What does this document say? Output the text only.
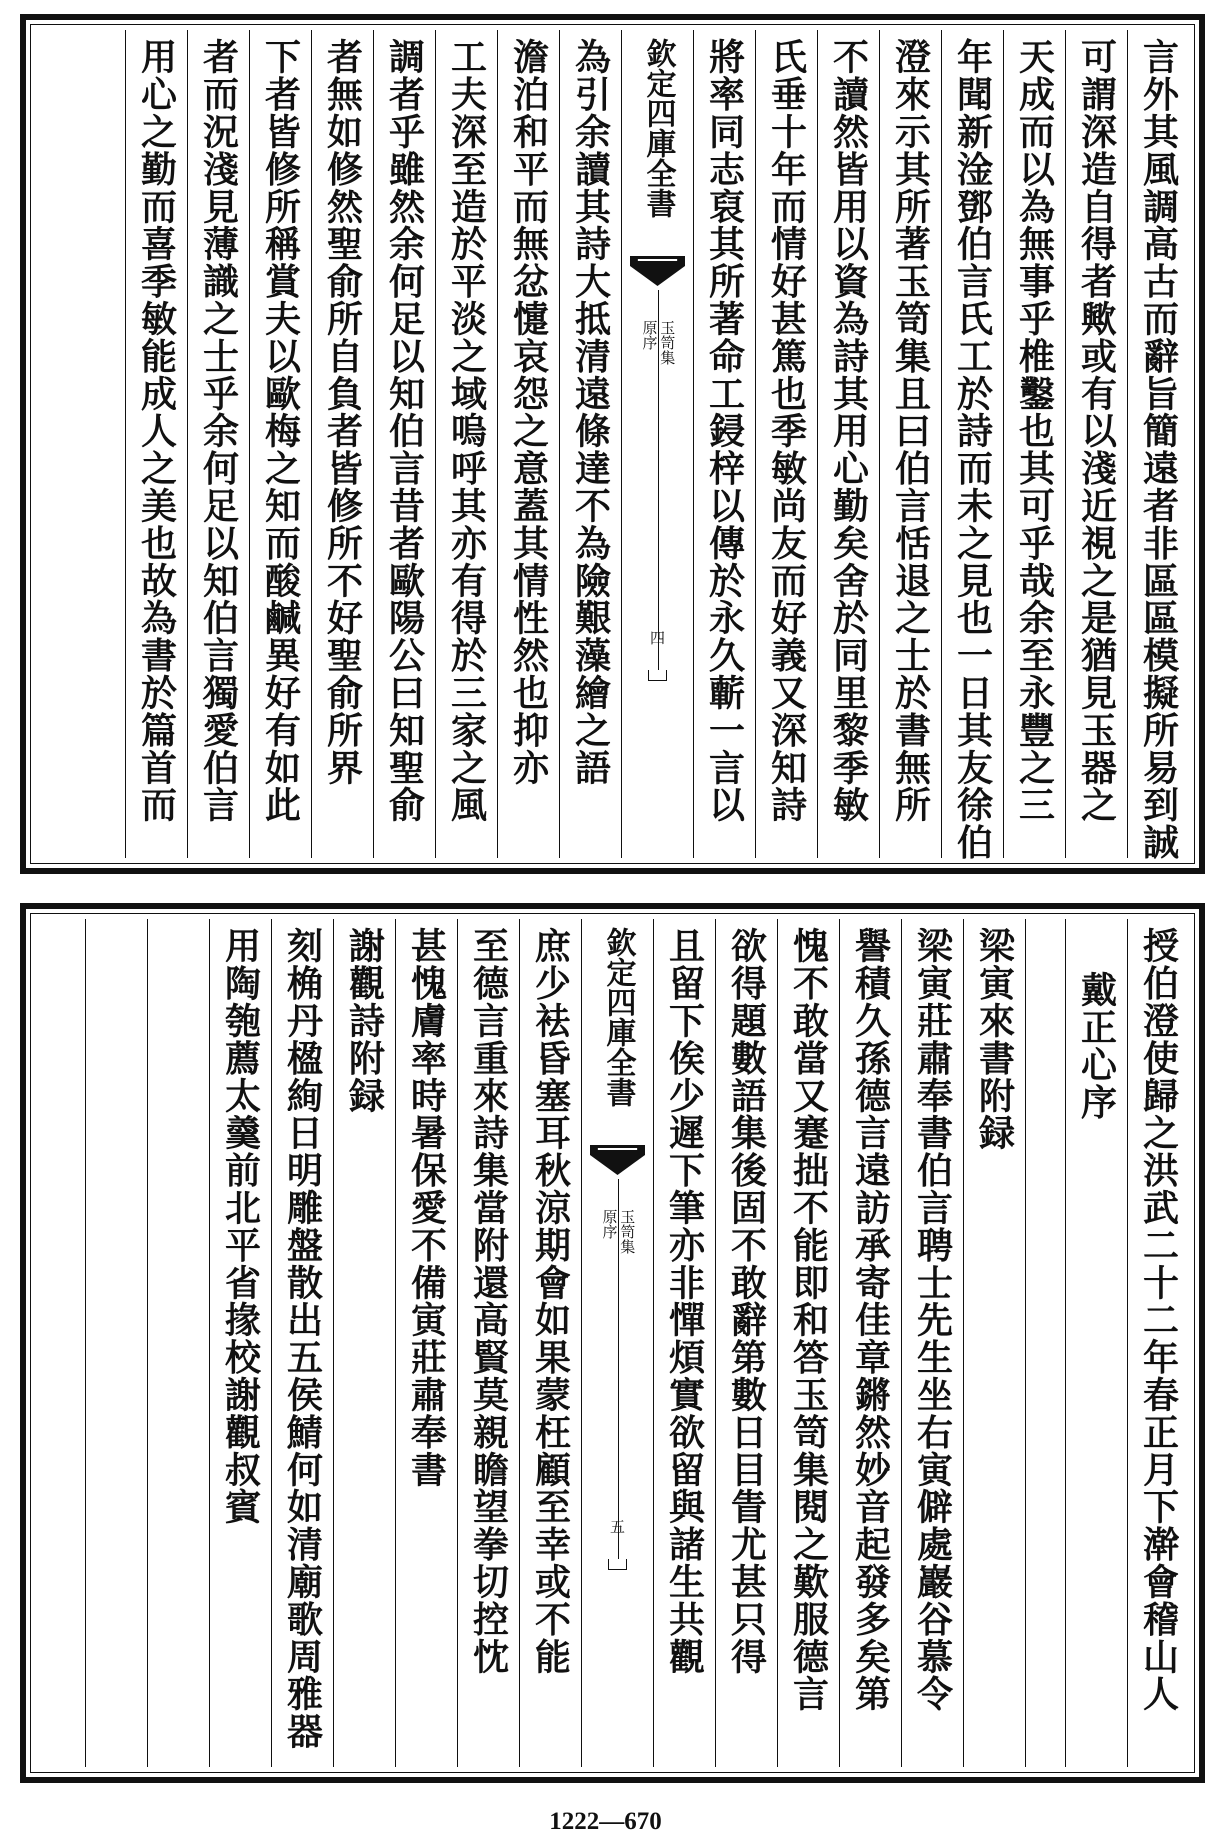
言外其風調高古而辭旨簡遠者非區區模擬所易到誠
可謂深造自得者歟或有以淺近視之是猶見玉器之
天成而以為無事乎椎鑿也其可乎哉余至永豐之三
年聞新淦鄧伯言氏工於詩而未之見也一日其友徐伯
澄來示其所著玉笥集且曰伯言恬退之士於書無所
不讀然皆用以資為詩其用心勤矣舍於同里黎季敏
氏垂十年而情好甚篤也季敏尚友而好義又深知詩
將率同志裒其所著命工鋟梓以傳於永久蘄一言以
欽定四庫全書
玉笥集
原序
四
為引余讀其詩大抵清遠條達不為險艱藻繪之語
澹泊和平而無忿懥哀怨之意蓋其情性然也抑亦
工夫深至造於平淡之域嗚呼其亦有得於三家之風
調者乎雖然余何足以知伯言昔者歐陽公曰知聖俞
者無如修然聖俞所自負者皆修所不好聖俞所界
下者皆修所稱賞夫以歐梅之知而酸鹹異好有如此
者而況淺見薄識之士乎余何足以知伯言獨愛伯言
用心之勤而喜季敏能成人之美也故為書於篇首而
授伯澄使歸之洪武二十二年春正月下澣會稽山人
戴正心序
梁寅來書附録
梁寅莊肅奉書伯言聘士先生坐右寅僻處巖谷慕令
譽積久孫德言遠訪承寄佳章鏘然妙音起發多矣第
愧不敢當又蹇拙不能即和答玉笥集閱之歎服德言
欲得題數語集後固不敢辭第數日目眚尤甚只得
且留下俟少遲下筆亦非憚煩實欲留與諸生共觀
欽定四庫全書
玉笥集
原序
五
庶少袪昏塞耳秋涼期會如果蒙枉顧至幸或不能
至德言重來詩集當附還高賢莫親瞻望拳切控忱
甚愧膚率時暑保愛不備寅莊肅奉書
謝觀詩附録
刻桷丹楹絢日明雕盤散出五侯鯖何如清廟歌周雅器
用陶匏薦太羹前北平省掾校謝觀叔賓
1222—670
